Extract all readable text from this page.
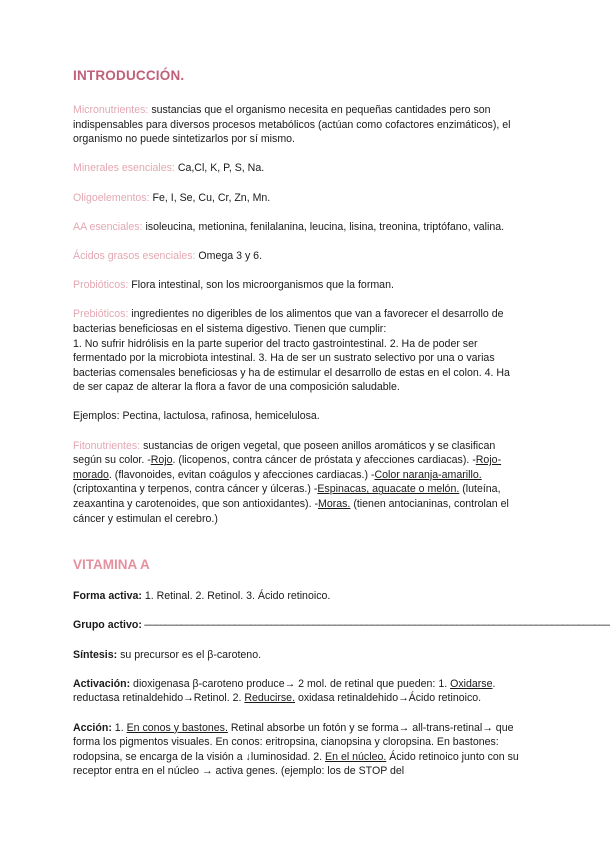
INTRODUCCIÓN.

Micronutrientes: sustancias que el organismo necesita en pequeñas cantidades pero son indispensables para diversos procesos metabólicos (actúan como cofactores enzimáticos), el organismo no puede sintetizarlos por sí mismo.

Minerales esenciales: Ca,Cl, K, P, S, Na.

Oligoelementos: Fe, I, Se, Cu, Cr, Zn, Mn.

AA esenciales: isoleucina, metionina, fenilalanina, leucina, lisina, treonina, triptófano, valina.

Ácidos grasos esenciales: Omega 3 y 6.

Probióticos: Flora intestinal, son los microorganismos que la forman.

Prebióticos: ingredientes no digeribles de los alimentos que van a favorecer el desarrollo de bacterias beneficiosas en el sistema digestivo. Tienen que cumplir:

1. No sufrir hidrólisis en la parte superior del tracto gastrointestinal. 2. Ha de poder ser fermentado por la microbiota intestinal. 3. Ha de ser un sustrato selectivo por una o varias bacterias comensales beneficiosas y ha de estimular el desarrollo de estas en el colon. 4. Ha de ser capaz de alterar la flora a favor de una composición saludable.

Ejemplos: Pectina, lactulosa, rafinosa, hemicelulosa.

Fitonutrientes: sustancias de origen vegetal, que poseen anillos aromáticos y se clasifican según su color. -Rojo. (licopenos, contra cáncer de próstata y afecciones cardiacas). -Rojo-morado. (flavonoides, evitan coágulos y afecciones cardiacas.) -Color naranja-amarillo. (criptoxantina y terpenos, contra cáncer y úlceras.) -Espinacas, aguacate o melón. (luteína, zeaxantina y carotenoides, que son antioxidantes). -Moras. (tienen antocianinas, controlan el cáncer y estimulan el cerebro.)

VITAMINA A

Forma activa: 1. Retinal. 2. Retinol. 3. Ácido retinoico.

Grupo activo: ––––––––––––––––––––––––––––––––––––––––––––––––––––––––––––––––––––––––––––––––––––––––

Síntesis: su precursor es el β-caroteno.

Activación: dioxigenasa β-caroteno produce→ 2 mol. de retinal que pueden: 1. Oxidarse. reductasa retinaldehido→Retinol. 2. Reducirse. oxidasa retinaldehido→Ácido retinoico.

Acción: 1. En conos y bastones. Retinal absorbe un fotón y se forma→ all-trans-retinal→ que forma los pigmentos visuales. En conos: eritropsina, cianopsina y cloropsina. En bastones: rodopsina, se encarga de la visión a ↓luminosidad. 2. En el núcleo. Ácido retinoico junto con su receptor entra en el núcleo → activa genes. (ejemplo: los de STOP del
